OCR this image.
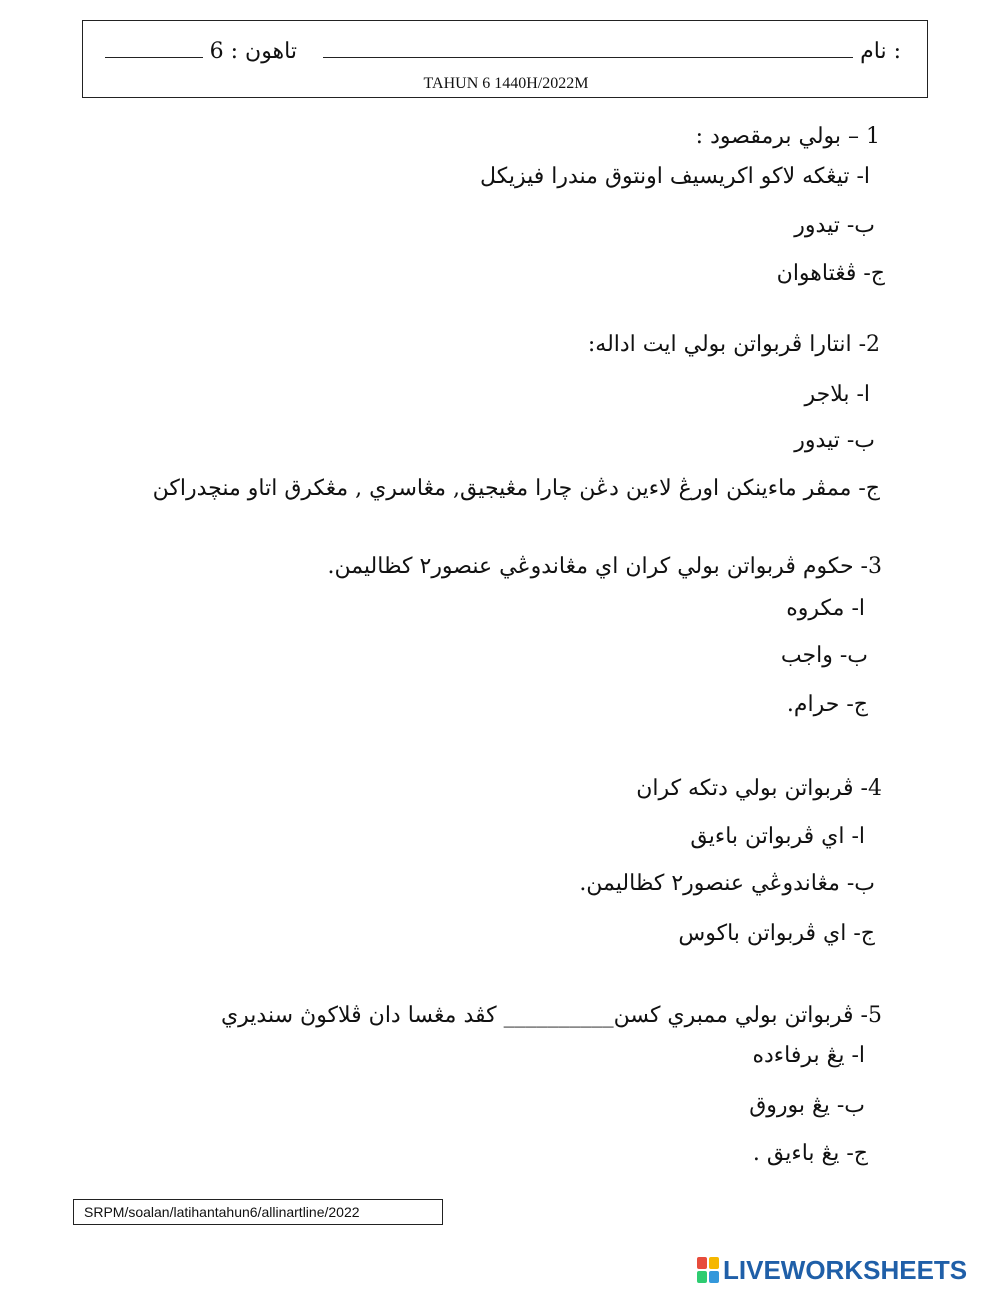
نام :
تاهون : 6
TAHUN 6 1440H/2022M
1 – بولي برمقصود :
ا- تيڠكه لاكو اكريسيف اونتوق مندرا فيزيكل
ب- تيدور
ج- ڤڠتاهوان
2- انتارا ڤربواتن بولي ايت اداله:
ا- بلاجر
ب- تيدور
ج- ممڤر ماءينكن اورڠ لاءين دڠن چارا مڠيجيق, مڠاسري , مڠكرق اتاو منچدراكن
3- حكوم ڤربواتن بولي كران اي مڠاندوڠي عنصور٢ كظاليمن.
ا- مكروه
ب- واجب
ج- حرام.
4- ڤربواتن بولي دتكه كران
ا- اي ڤربواتن باءيق
ب- مڠاندوڠي عنصور٢ كظاليمن.
ج- اي ڤربواتن باكوس
5- ڤربواتن بولي ممبري كسن__________ كڤد مڠسا دان ڤلاكوڽ سنديري
ا- يڠ برفاءده
ب- يڠ بوروق
ج- يڠ باءيق .
SRPM/soalan/latihantahun6/allinartline/2022
LIVEWORKSHEETS
